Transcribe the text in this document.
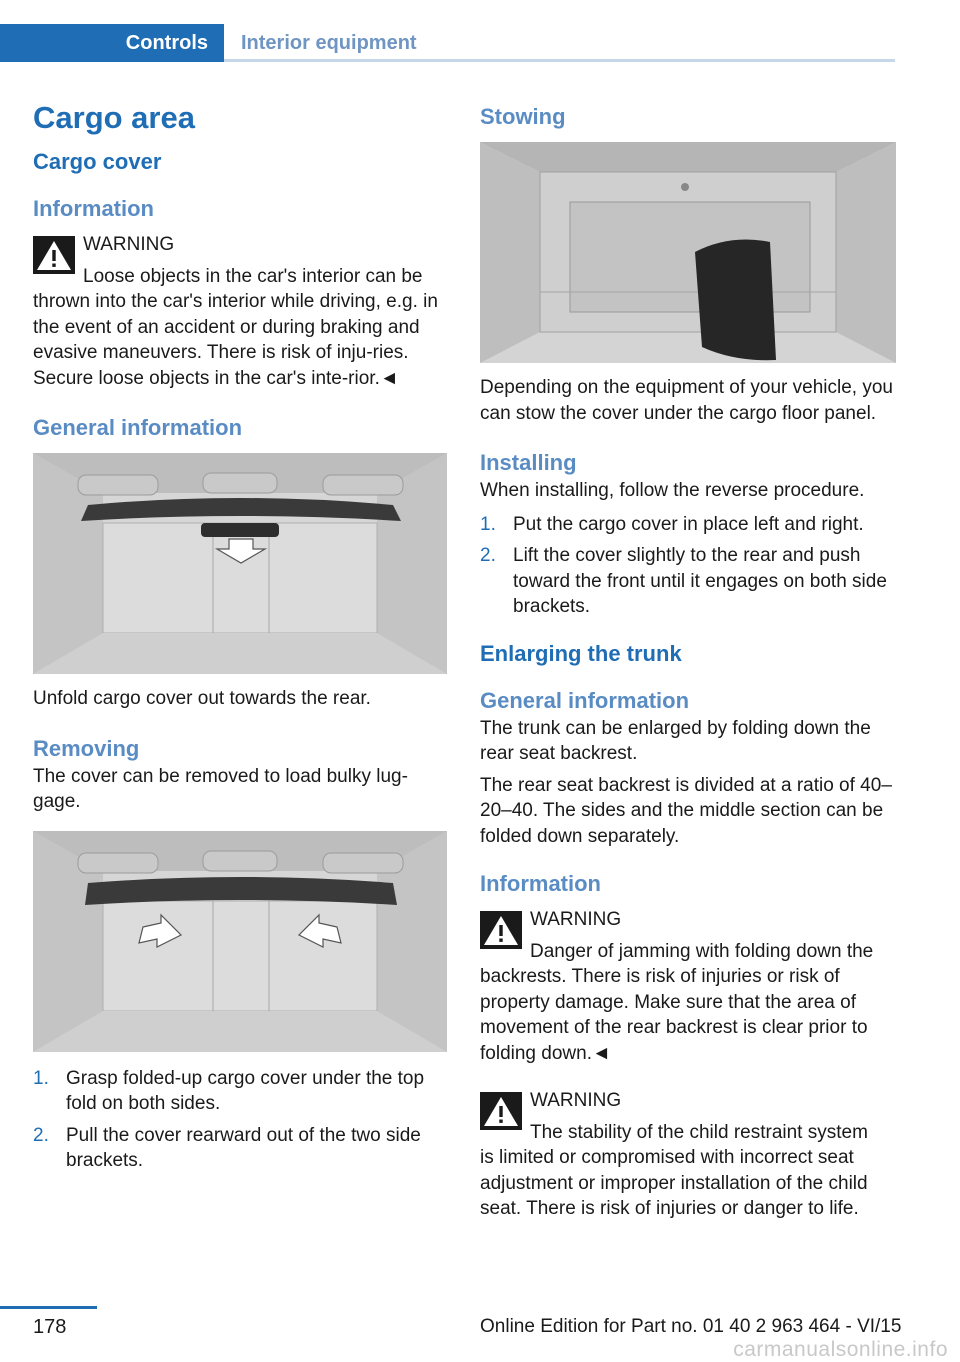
Controls	Interior equipment
Cargo area
Cargo cover
Information
WARNING
Loose objects in the car's interior can be
thrown into the car's interior while driving, e.g. in the event of an accident or during braking and evasive maneuvers. There is risk of inju-ries. Secure loose objects in the car's inte-rior.◄
General information

Unfold cargo cover out towards the rear.

Removing

The cover can be removed to load bulky lug-gage.

1. Grasp folded-up cargo cover under the top fold on both sides.
2. Pull the cover rearward out of the two side brackets.
Stowing

Depending on the equipment of your vehicle, you can stow the cover under the cargo floor panel.

Installing

When installing, follow the reverse procedure.

1. Put the cargo cover in place left and right.
2. Lift the cover slightly to the rear and push toward the front until it engages on both side brackets.
Enlarging the trunk
General information

The trunk can be enlarged by folding down the rear seat backrest.

The rear seat backrest is divided at a ratio of 40–20–40. The sides and the middle section can be folded down separately.

Information
WARNING
Danger of jamming with folding down the
backrests. There is risk of injuries or risk of property damage. Make sure that the area of movement of the rear backrest is clear prior to folding down.◄
WARNING
The stability of the child restraint system
is limited or compromised with incorrect seat adjustment or improper installation of the child seat. There is risk of injuries or danger to life.
178	Online Edition for Part no. 01 40 2 963 464 - VI/15
carmanualsonline.info
